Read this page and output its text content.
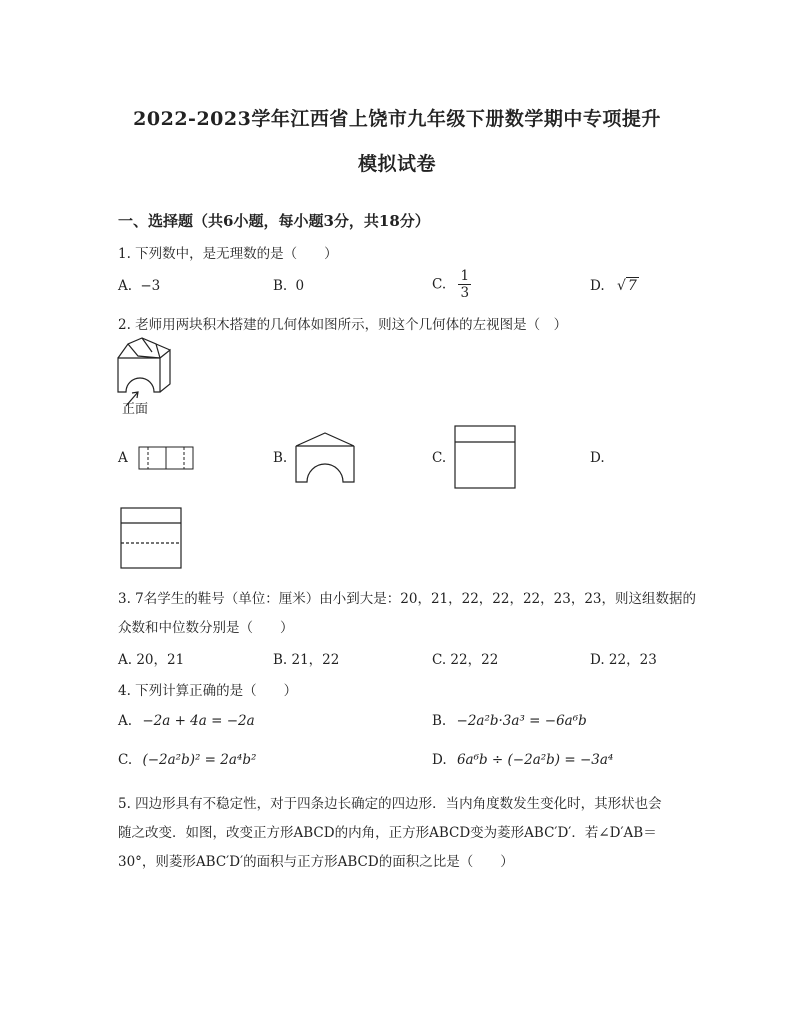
2022-2023学年江西省上饶市九年级下册数学期中专项提升
模拟试卷
一、选择题（共6小题，每小题3分，共18分）
1. 下列数中，是无理数的是（　　）
A. −3	B. 0	C. $\frac{1}{3}$	D. √ 7
2. 老师用两块积木搭建的几何体如图所示，则这个几何体的左视图是（　）
正面
A	B.	C.	D.
3. 7名学生的鞋号（单位：厘米）由小到大是：20，21，22，22，22，23，23，则这组数据的
众数和中位数分别是（　　）
A. 20，21	B. 21，22	C. 22，22	D. 22，23
4. 下列计算正确的是（　　）
A. −2a + 4a = −2a	B. −2a²b·3a³ = −6a⁶b
C. (−2a²b)² = 2a⁴b²	D. 6a⁶b ÷ (−2a²b) = −3a⁴
5. 四边形具有不稳定性，对于四条边长确定的四边形．当内角度数发生变化时，其形状也会
随之改变．如图，改变正方形ABCD的内角，正方形ABCD变为菱形ABC′D′．若∠D′AB＝
30°，则菱形ABC′D′的面积与正方形ABCD的面积之比是（　　）
